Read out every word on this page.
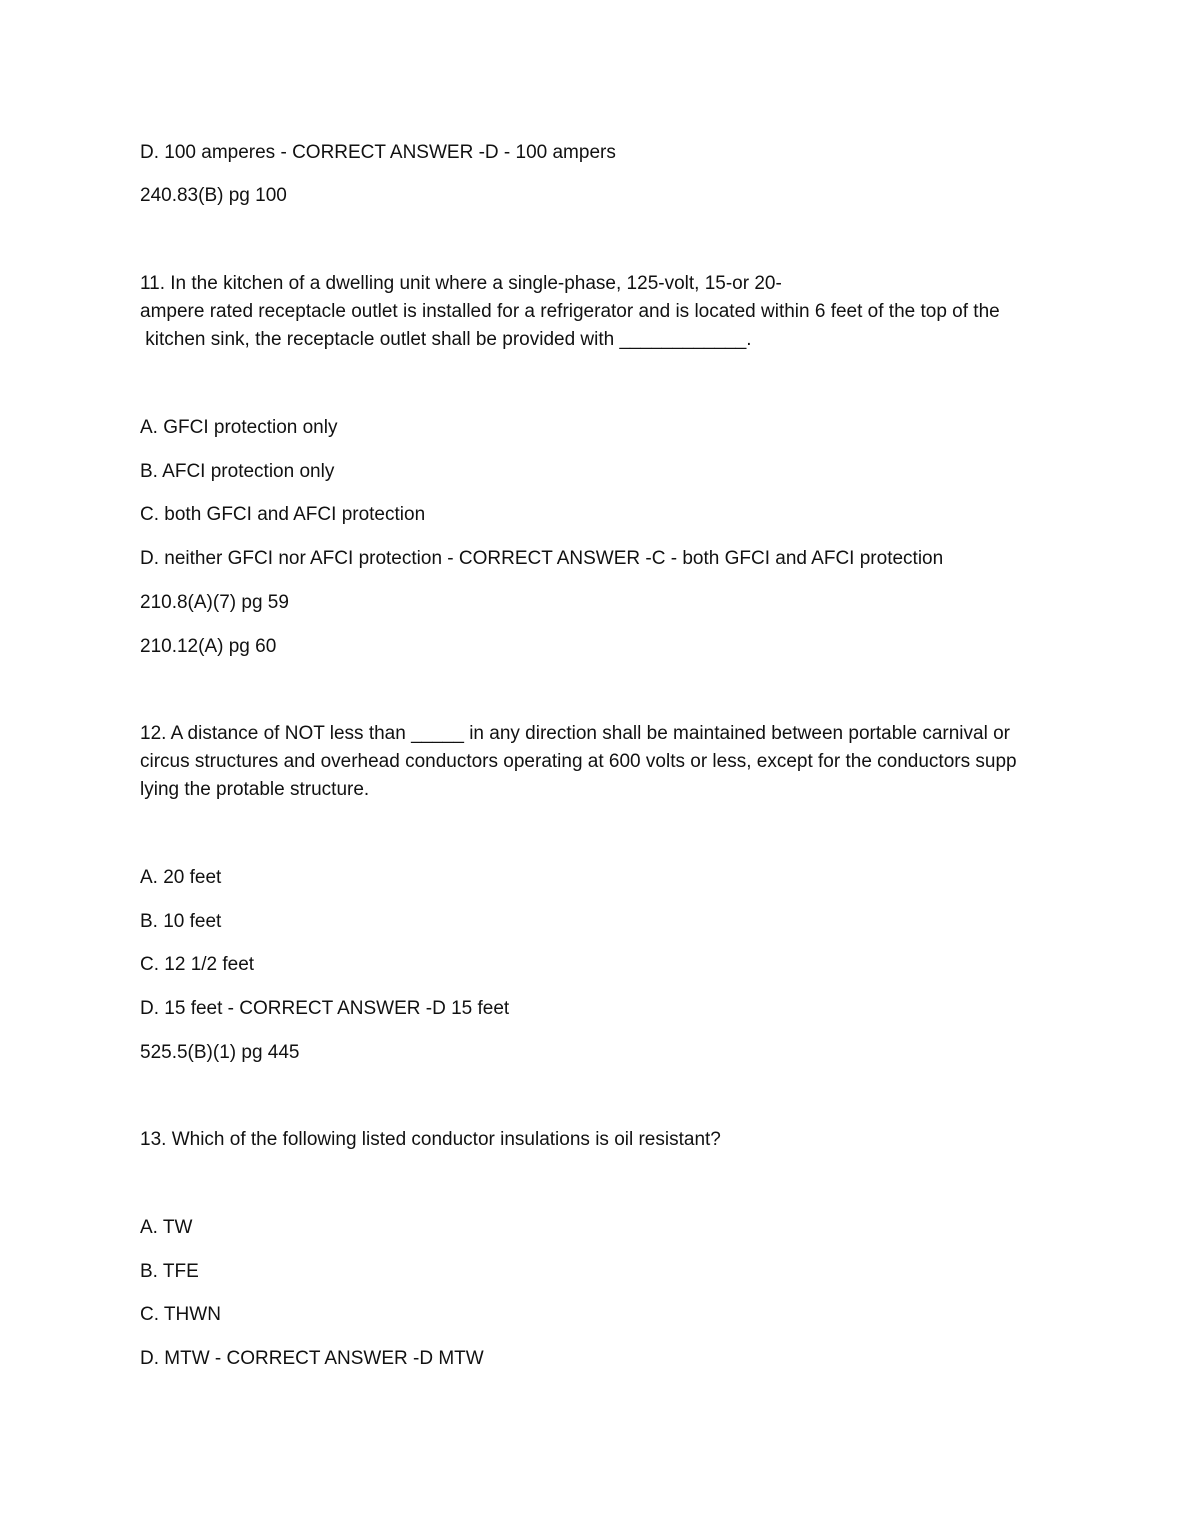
D. 100 amperes - CORRECT ANSWER -D - 100 ampers
240.83(B) pg 100
11. In the kitchen of a dwelling unit where a single-phase, 125-volt, 15-or 20-
ampere rated receptacle outlet is installed for a refrigerator and is located within 6 feet of the top of the
kitchen sink, the receptacle outlet shall be provided with ____________.
A. GFCI protection only
B. AFCI protection only
C. both GFCI and AFCI protection
D. neither GFCI nor AFCI protection - CORRECT ANSWER -C - both GFCI and AFCI protection
210.8(A)(7) pg 59
210.12(A) pg 60
12. A distance of NOT less than _____ in any direction shall be maintained between portable carnival or
circus structures and overhead conductors operating at 600 volts or less, except for the conductors supp
lying the protable structure.
A. 20 feet
B. 10 feet
C. 12 1/2 feet
D. 15 feet - CORRECT ANSWER -D 15 feet
525.5(B)(1) pg 445
13. Which of the following listed conductor insulations is oil resistant?
A. TW
B. TFE
C. THWN
D. MTW - CORRECT ANSWER -D MTW
